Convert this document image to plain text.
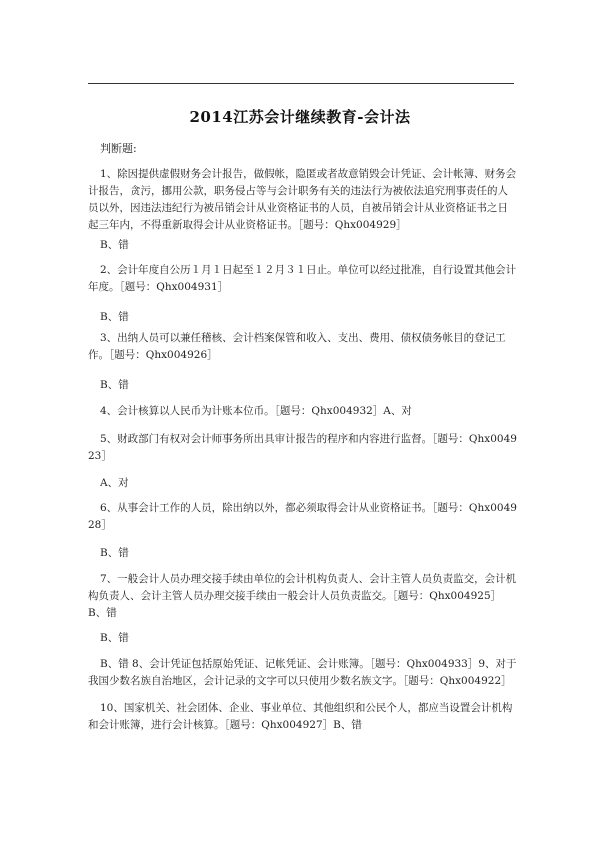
2014江苏会计继续教育-会计法
判断题:

1、除因提供虚假财务会计报告，做假帐，隐匿或者故意销毁会计凭证、会计帐簿、财务会计报告，贪污，挪用公款，职务侵占等与会计职务有关的违法行为被依法追究刑事责任的人员以外，因违法违纪行为被吊销会计从业资格证书的人员，自被吊销会计从业资格证书之日起三年内，不得重新取得会计从业资格证书。［题号：Qhx004929］

B、错

2、会计年度自公历１月１日起至１２月３１日止。单位可以经过批准，自行设置其他会计年度。［题号：Qhx004931］

B、错

3、出纳人员可以兼任稽核、会计档案保管和收入、支出、费用、债权债务帐目的登记工作。［题号：Qhx004926］

B、错

4、会计核算以人民币为计账本位币。［题号：Qhx004932］A、对

5、财政部门有权对会计师事务所出具审计报告的程序和内容进行监督。［题号：Qhx004923］

A、对

6、从事会计工作的人员，除出纳以外，都必须取得会计从业资格证书。［题号：Qhx004928］

B、错

7、一般会计人员办理交接手续由单位的会计机构负责人、会计主管人员负责监交，会计机构负责人、会计主管人员办理交接手续由一般会计人员负责监交。［题号：Qhx004925］B、错

B、错

B、错 8、会计凭证包括原始凭证、记帐凭证、会计账簿。［题号：Qhx004933］9、对于我国少数名族自治地区，会计记录的文字可以只使用少数名族文字。［题号：Qhx004922］

10、国家机关、社会团体、企业、事业单位、其他组织和公民个人，都应当设置会计机构和会计账簿，进行会计核算。［题号：Qhx004927］B、错
